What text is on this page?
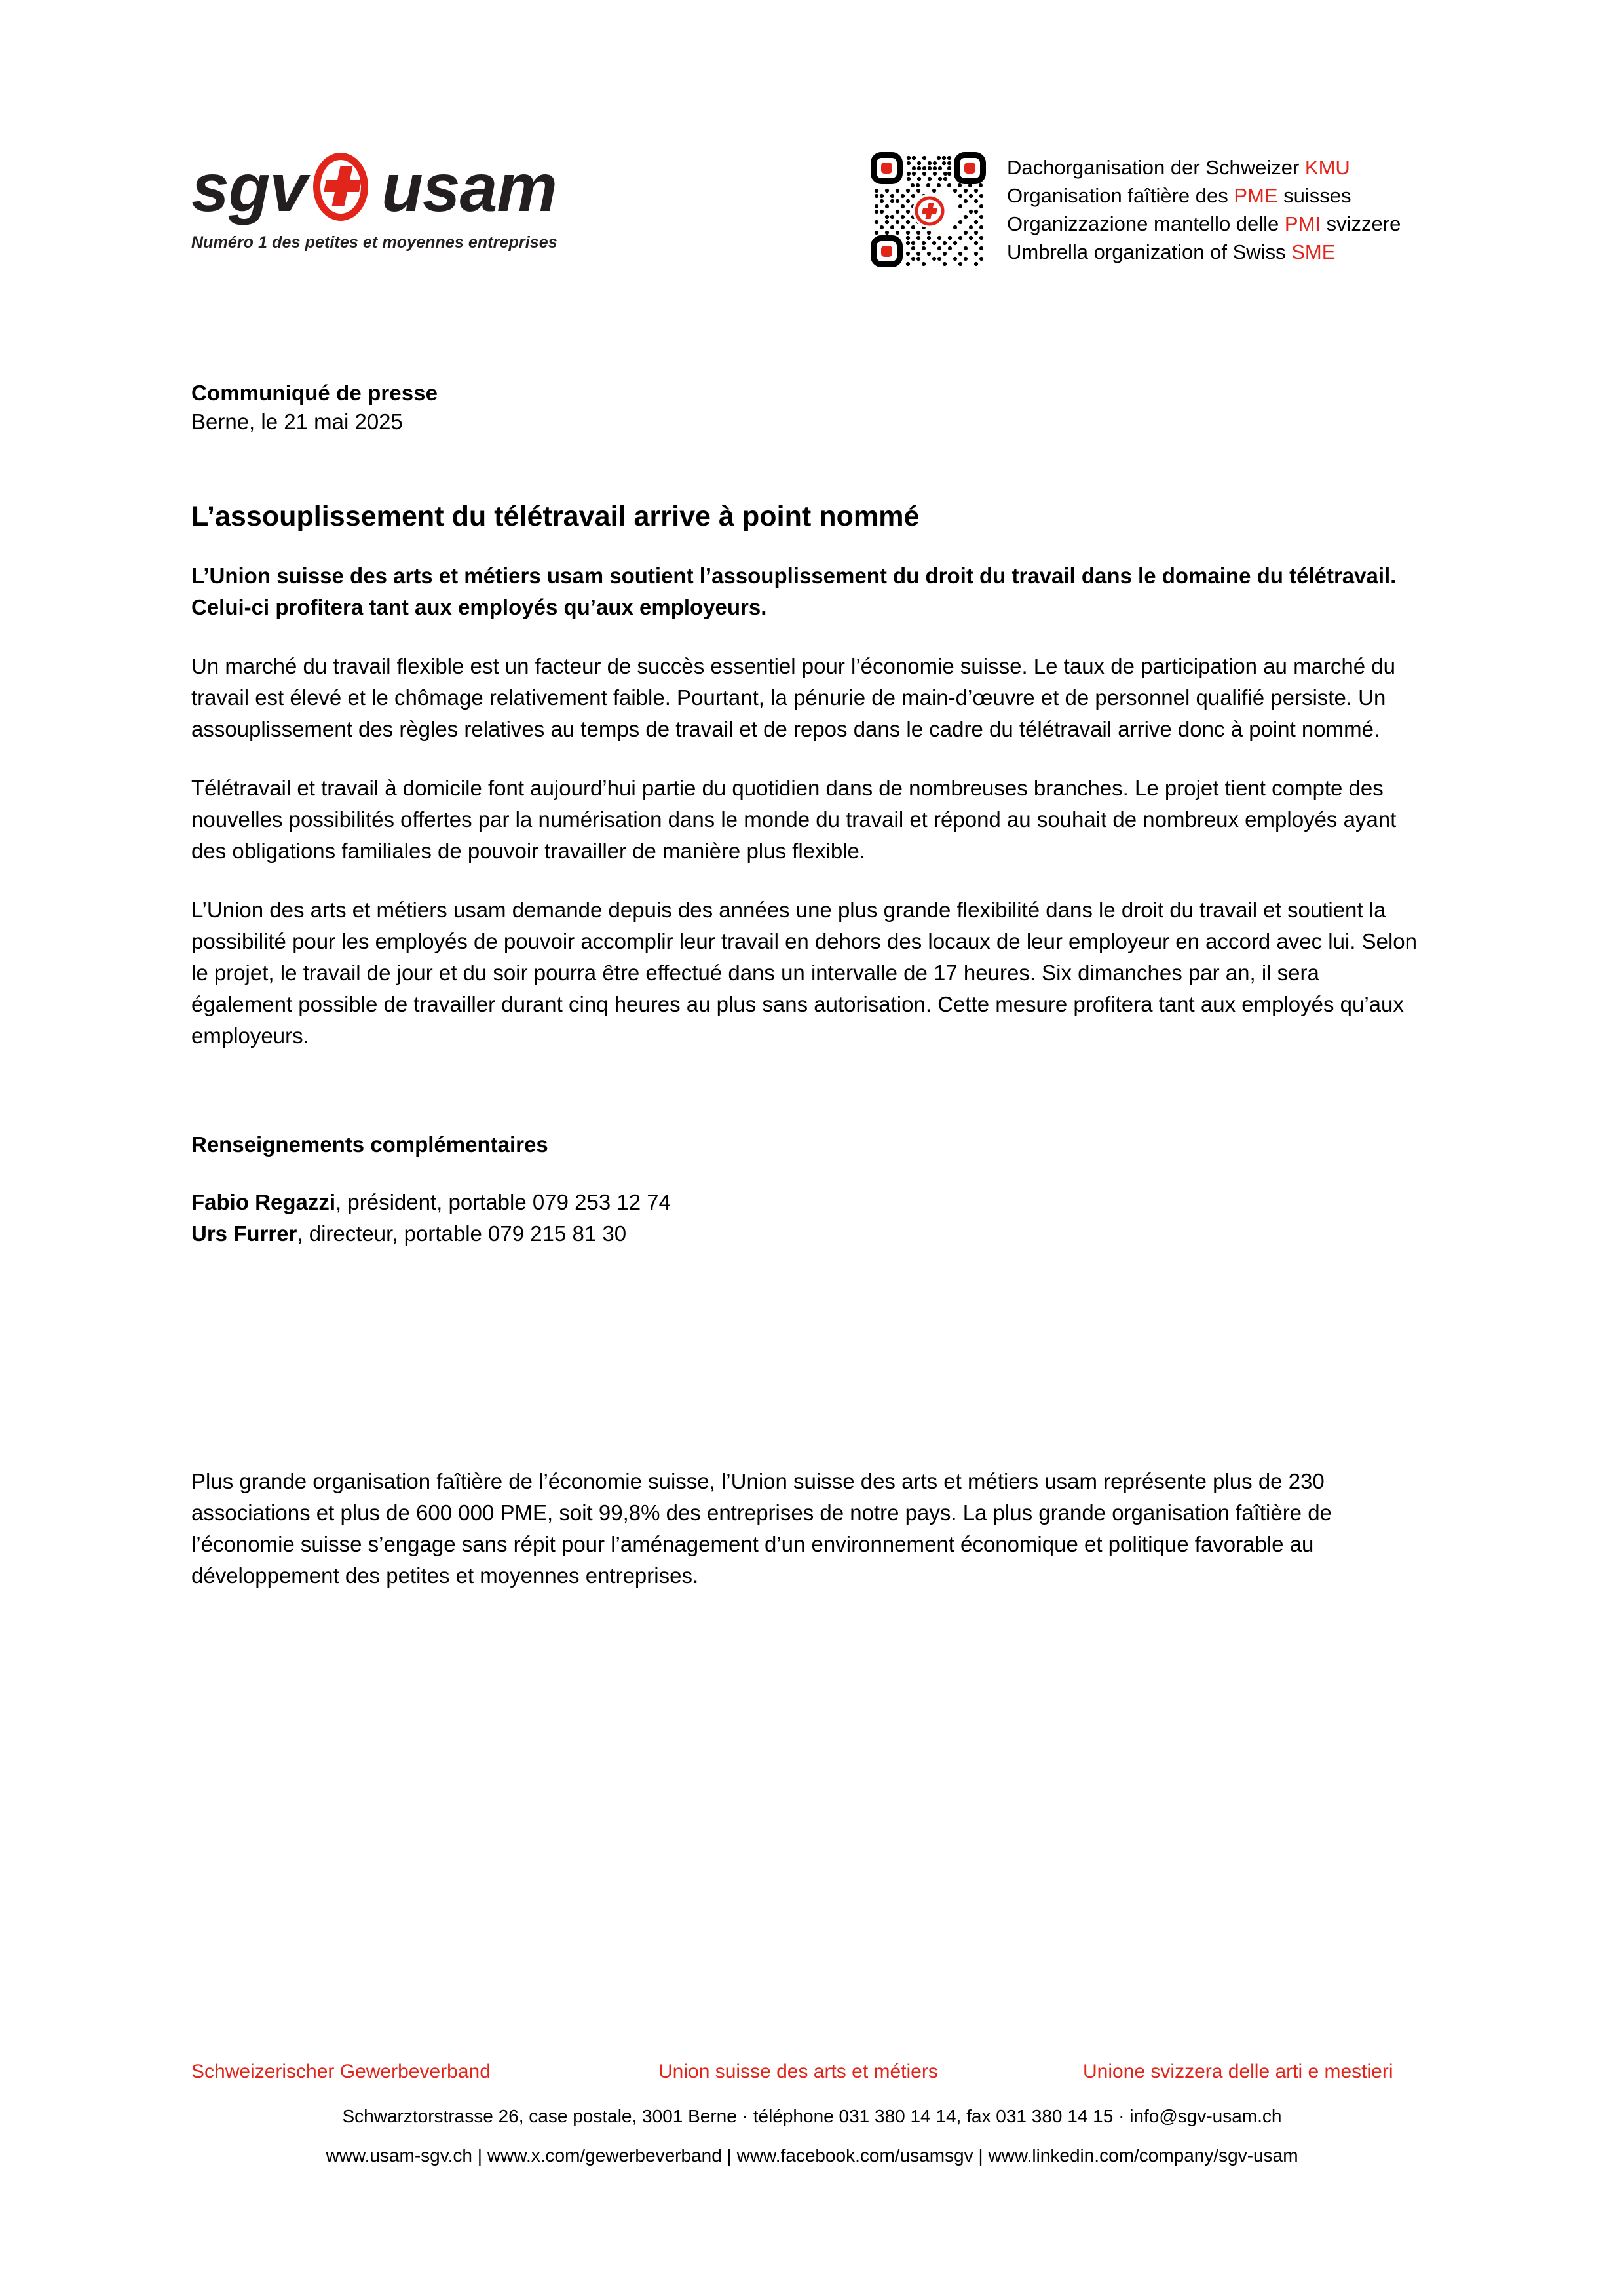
sgv usam
Numéro 1 des petites et moyennes entreprises
Dachorganisation der Schweizer KMU
Organisation faîtière des PME suisses
Organizzazione mantello delle PMI svizzere
Umbrella organization of Swiss SME
Communiqué de presse
Berne, le 21 mai 2025
L’assouplissement du télétravail arrive à point nommé

L’Union suisse des arts et métiers usam soutient l’assouplissement du droit du travail dans le domaine du télétravail. Celui-ci profitera tant aux employés qu’aux employeurs.

Un marché du travail flexible est un facteur de succès essentiel pour l’économie suisse. Le taux de participation au marché du travail est élevé et le chômage relativement faible. Pourtant, la pénurie de main-d’œuvre et de personnel qualifié persiste. Un assouplissement des règles relatives au temps de travail et de repos dans le cadre du télétravail arrive donc à point nommé.

Télétravail et travail à domicile font aujourd’hui partie du quotidien dans de nombreuses branches. Le projet tient compte des nouvelles possibilités offertes par la numérisation dans le monde du travail et répond au souhait de nombreux employés ayant des obligations familiales de pouvoir travailler de manière plus flexible.

L’Union des arts et métiers usam demande depuis des années une plus grande flexibilité dans le droit du travail et soutient la possibilité pour les employés de pouvoir accomplir leur travail en dehors des locaux de leur employeur en accord avec lui. Selon le projet, le travail de jour et du soir pourra être effectué dans un intervalle de 17 heures. Six dimanches par an, il sera également possible de travailler durant cinq heures au plus sans autorisation. Cette mesure profitera tant aux employés qu’aux employeurs.

Renseignements complémentaires
Fabio Regazzi, président, portable 079 253 12 74
Urs Furrer, directeur, portable 079 215 81 30

Plus grande organisation faîtière de l’économie suisse, l’Union suisse des arts et métiers usam représente plus de 230 associations et plus de 600 000 PME, soit 99,8% des entreprises de notre pays. La plus grande organisation faîtière de l’économie suisse s’engage sans répit pour l’aménagement d’un environnement économique et politique favorable au développement des petites et moyennes entreprises.

Schweizerischer Gewerbeverband	Union suisse des arts et métiers	Unione svizzera delle arti e mestieri
Schwarztorstrasse 26, case postale, 3001 Berne · téléphone 031 380 14 14, fax 031 380 14 15 · info@sgv-usam.ch
www.usam-sgv.ch | www.x.com/gewerbeverband | www.facebook.com/usamsgv | www.linkedin.com/company/sgv-usam
